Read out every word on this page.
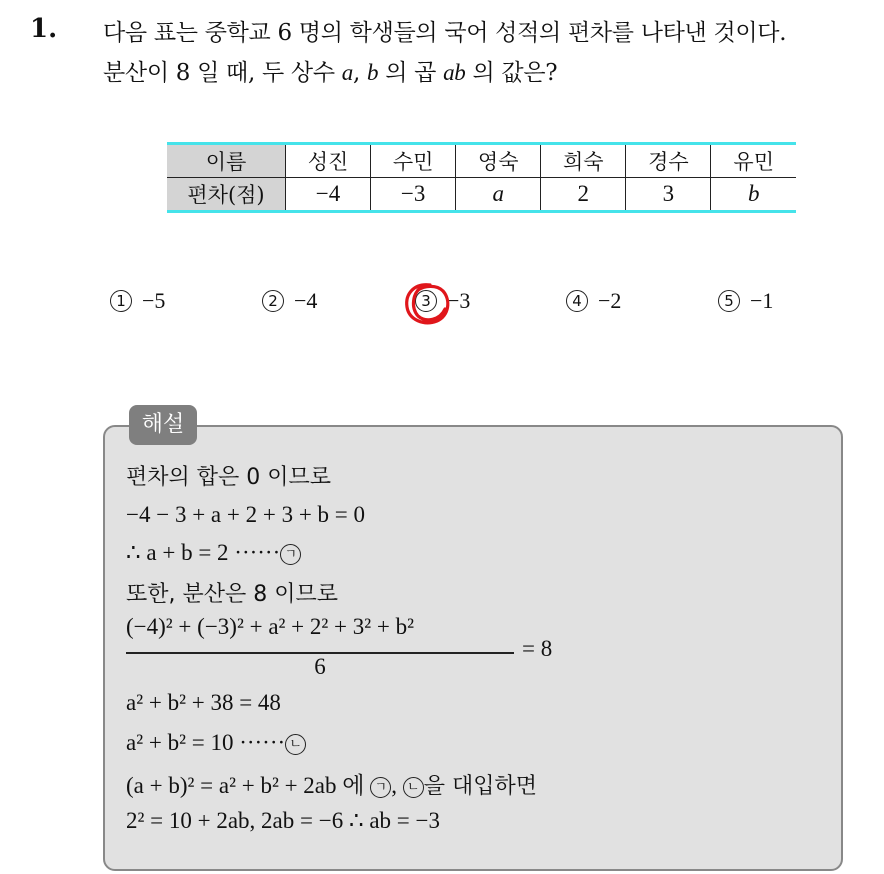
1. 다음 표는 중학교 6 명의 학생들의 국어 성적의 편차를 나타낸 것이다.
분산이 8 일 때, 두 상수 a, b 의 곱 ab 의 값은?
이름	성진	수민	영숙	희숙	경수	유민
편차(점)	−4	−3	a	2	3	b
1 −5	2 −4	3 −3	4 −2	5 −1
해설
편차의 합은 0 이므로
−4 − 3 + a + 2 + 3 + b = 0
∴ a + b = 2 ······ ㄱ
또한, 분산은 8 이므로
(−4)² + (−3)² + a² + 2² + 3² + b²
6
= 8
a² + b² + 38 = 48
a² + b² = 10 ······ ㄴ
(a + b)² = a² + b² + 2ab 에 ㄱ , ㄴ 을 대입하면
2² = 10 + 2ab, 2ab = −6 ∴ ab = −3
